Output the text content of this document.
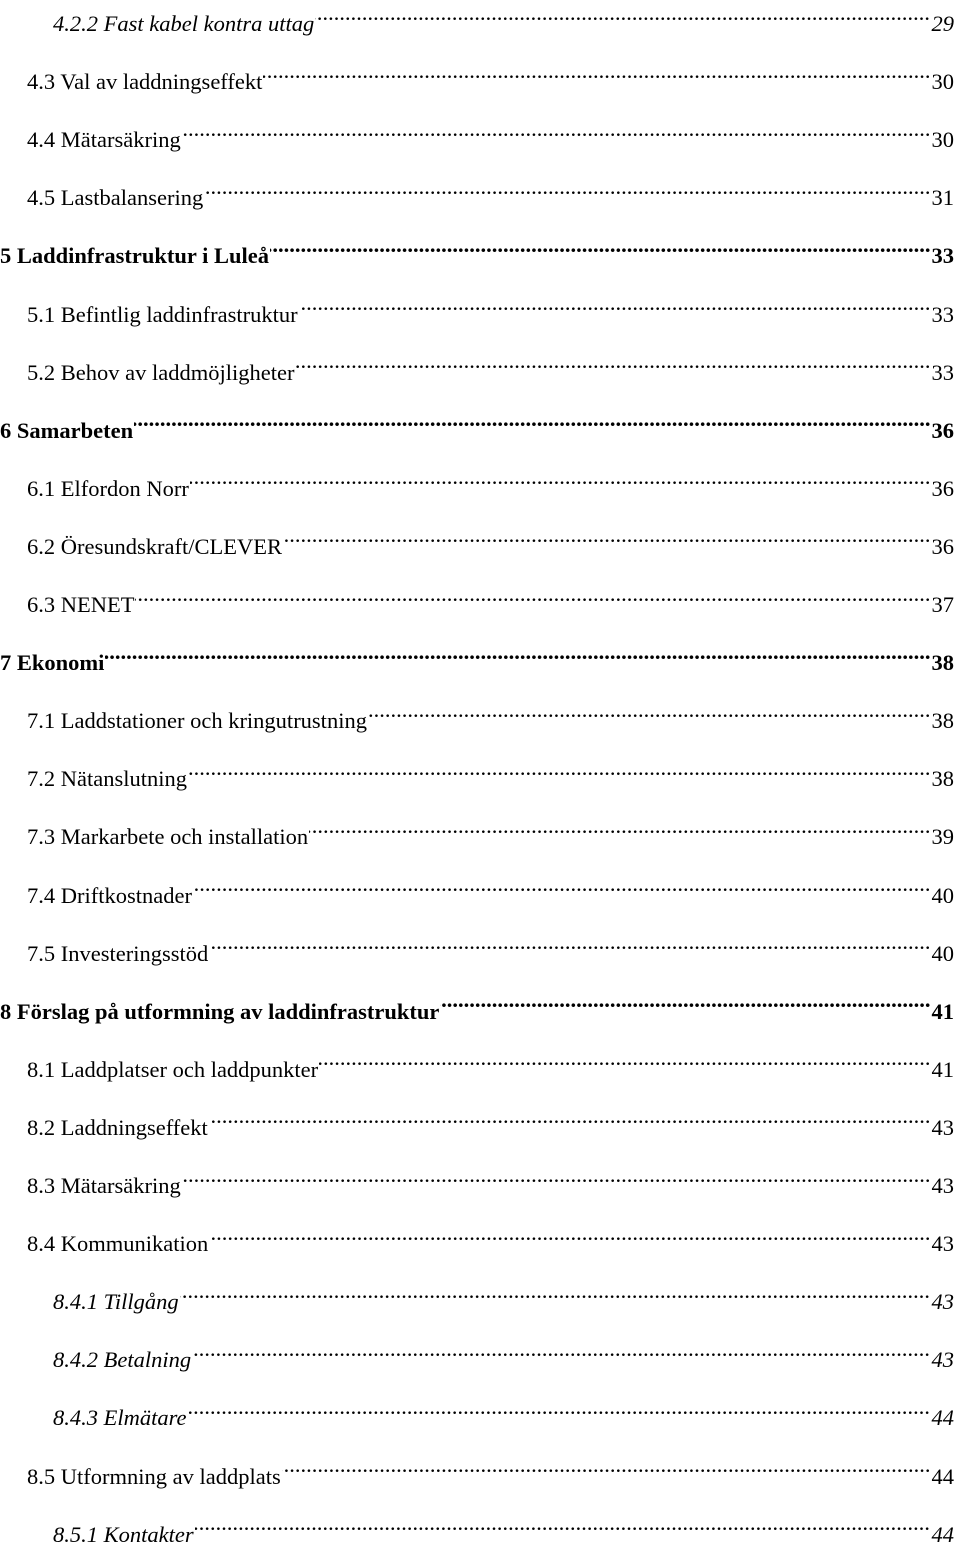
4.2.2 Fast kabel kontra uttag .....	29
4.3 Val av laddningseffekt .....	30
4.4 Mätarsäkring .....	30
4.5 Lastbalansering .....	31
5 Laddinfrastruktur i Luleå .....	33
5.1 Befintlig laddinfrastruktur .....	33
5.2 Behov av laddmöjligheter .....	33
6 Samarbeten .....	36
6.1 Elfordon Norr .....	36
6.2 Öresundskraft/CLEVER .....	36
6.3 NENET .....	37
7 Ekonomi .....	38
7.1 Laddstationer och kringutrustning .....	38
7.2 Nätanslutning .....	38
7.3 Markarbete och installation .....	39
7.4 Driftkostnader .....	40
7.5 Investeringsstöd .....	40
8 Förslag på utformning av laddinfrastruktur .....	41
8.1 Laddplatser och laddpunkter .....	41
8.2 Laddningseffekt .....	43
8.3 Mätarsäkring .....	43
8.4 Kommunikation .....	43
8.4.1 Tillgång .....	43
8.4.2 Betalning .....	43
8.4.3 Elmätare .....	44
8.5 Utformning av laddplats .....	44
8.5.1 Kontakter .....	44
